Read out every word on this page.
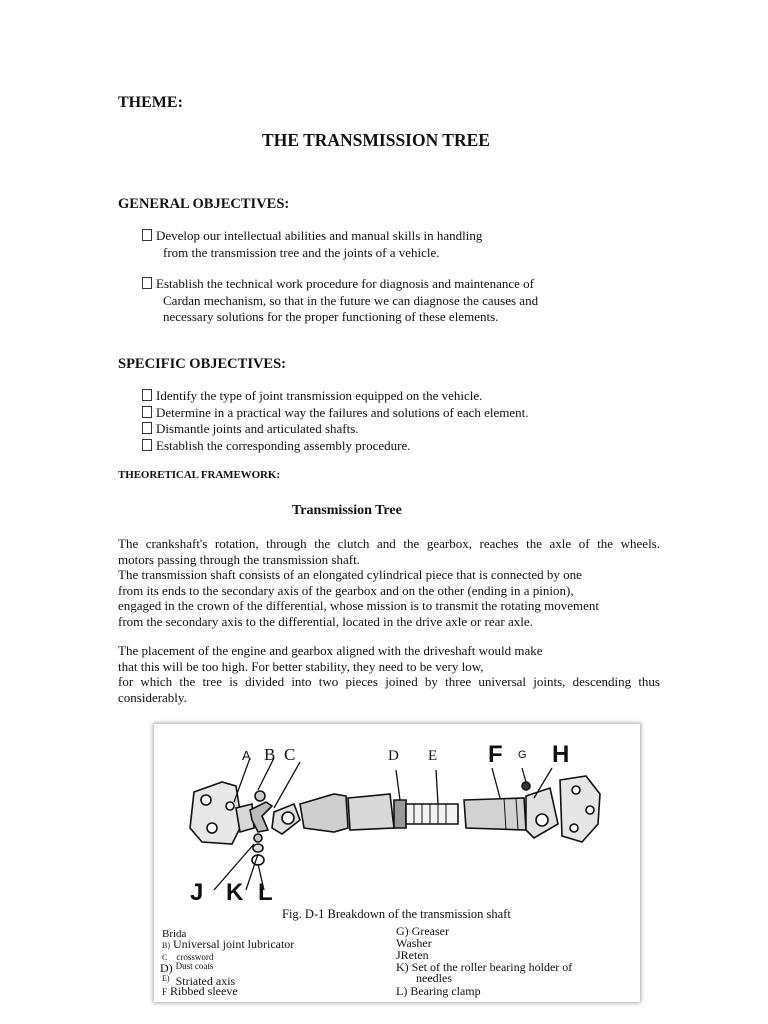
THEME:
THE TRANSMISSION TREE
GENERAL OBJECTIVES:
Develop our intellectual abilities and manual skills in handling
from the transmission tree and the joints of a vehicle.
Establish the technical work procedure for diagnosis and maintenance of
Cardan mechanism, so that in the future we can diagnose the causes and
necessary solutions for the proper functioning of these elements.
SPECIFIC OBJECTIVES:
Identify the type of joint transmission equipped on the vehicle.
Determine in a practical way the failures and solutions of each element.
Dismantle joints and articulated shafts.
Establish the corresponding assembly procedure.
THEORETICAL FRAMEWORK:
Transmission Tree
The crankshaft's rotation, through the clutch and the gearbox, reaches the axle of the wheels.
motors passing through the transmission shaft.
The transmission shaft consists of an elongated cylindrical piece that is connected by one
from its ends to the secondary axis of the gearbox and on the other (ending in a pinion),
engaged in the crown of the differential, whose mission is to transmit the rotating movement
from the secondary axis to the differential, located in the drive axle or rear axle.
The placement of the engine and gearbox aligned with the driveshaft would make
that this will be too high. For better stability, they need to be very low,
for which the tree is divided into two pieces joined by three universal joints, descending thus
considerably.
A B C	D E F G H
J K L
Fig. D-1 Breakdown of the transmission shaft
Brida
B) Universal joint lubricator
C crossword
D) $^{Dust coats}$
$^{E)}$ Striated axis
F Ribbed sleeve
G) Greaser
Washer
JReten
K) Set of the roller bearing holder of
needles
L) Bearing clamp
